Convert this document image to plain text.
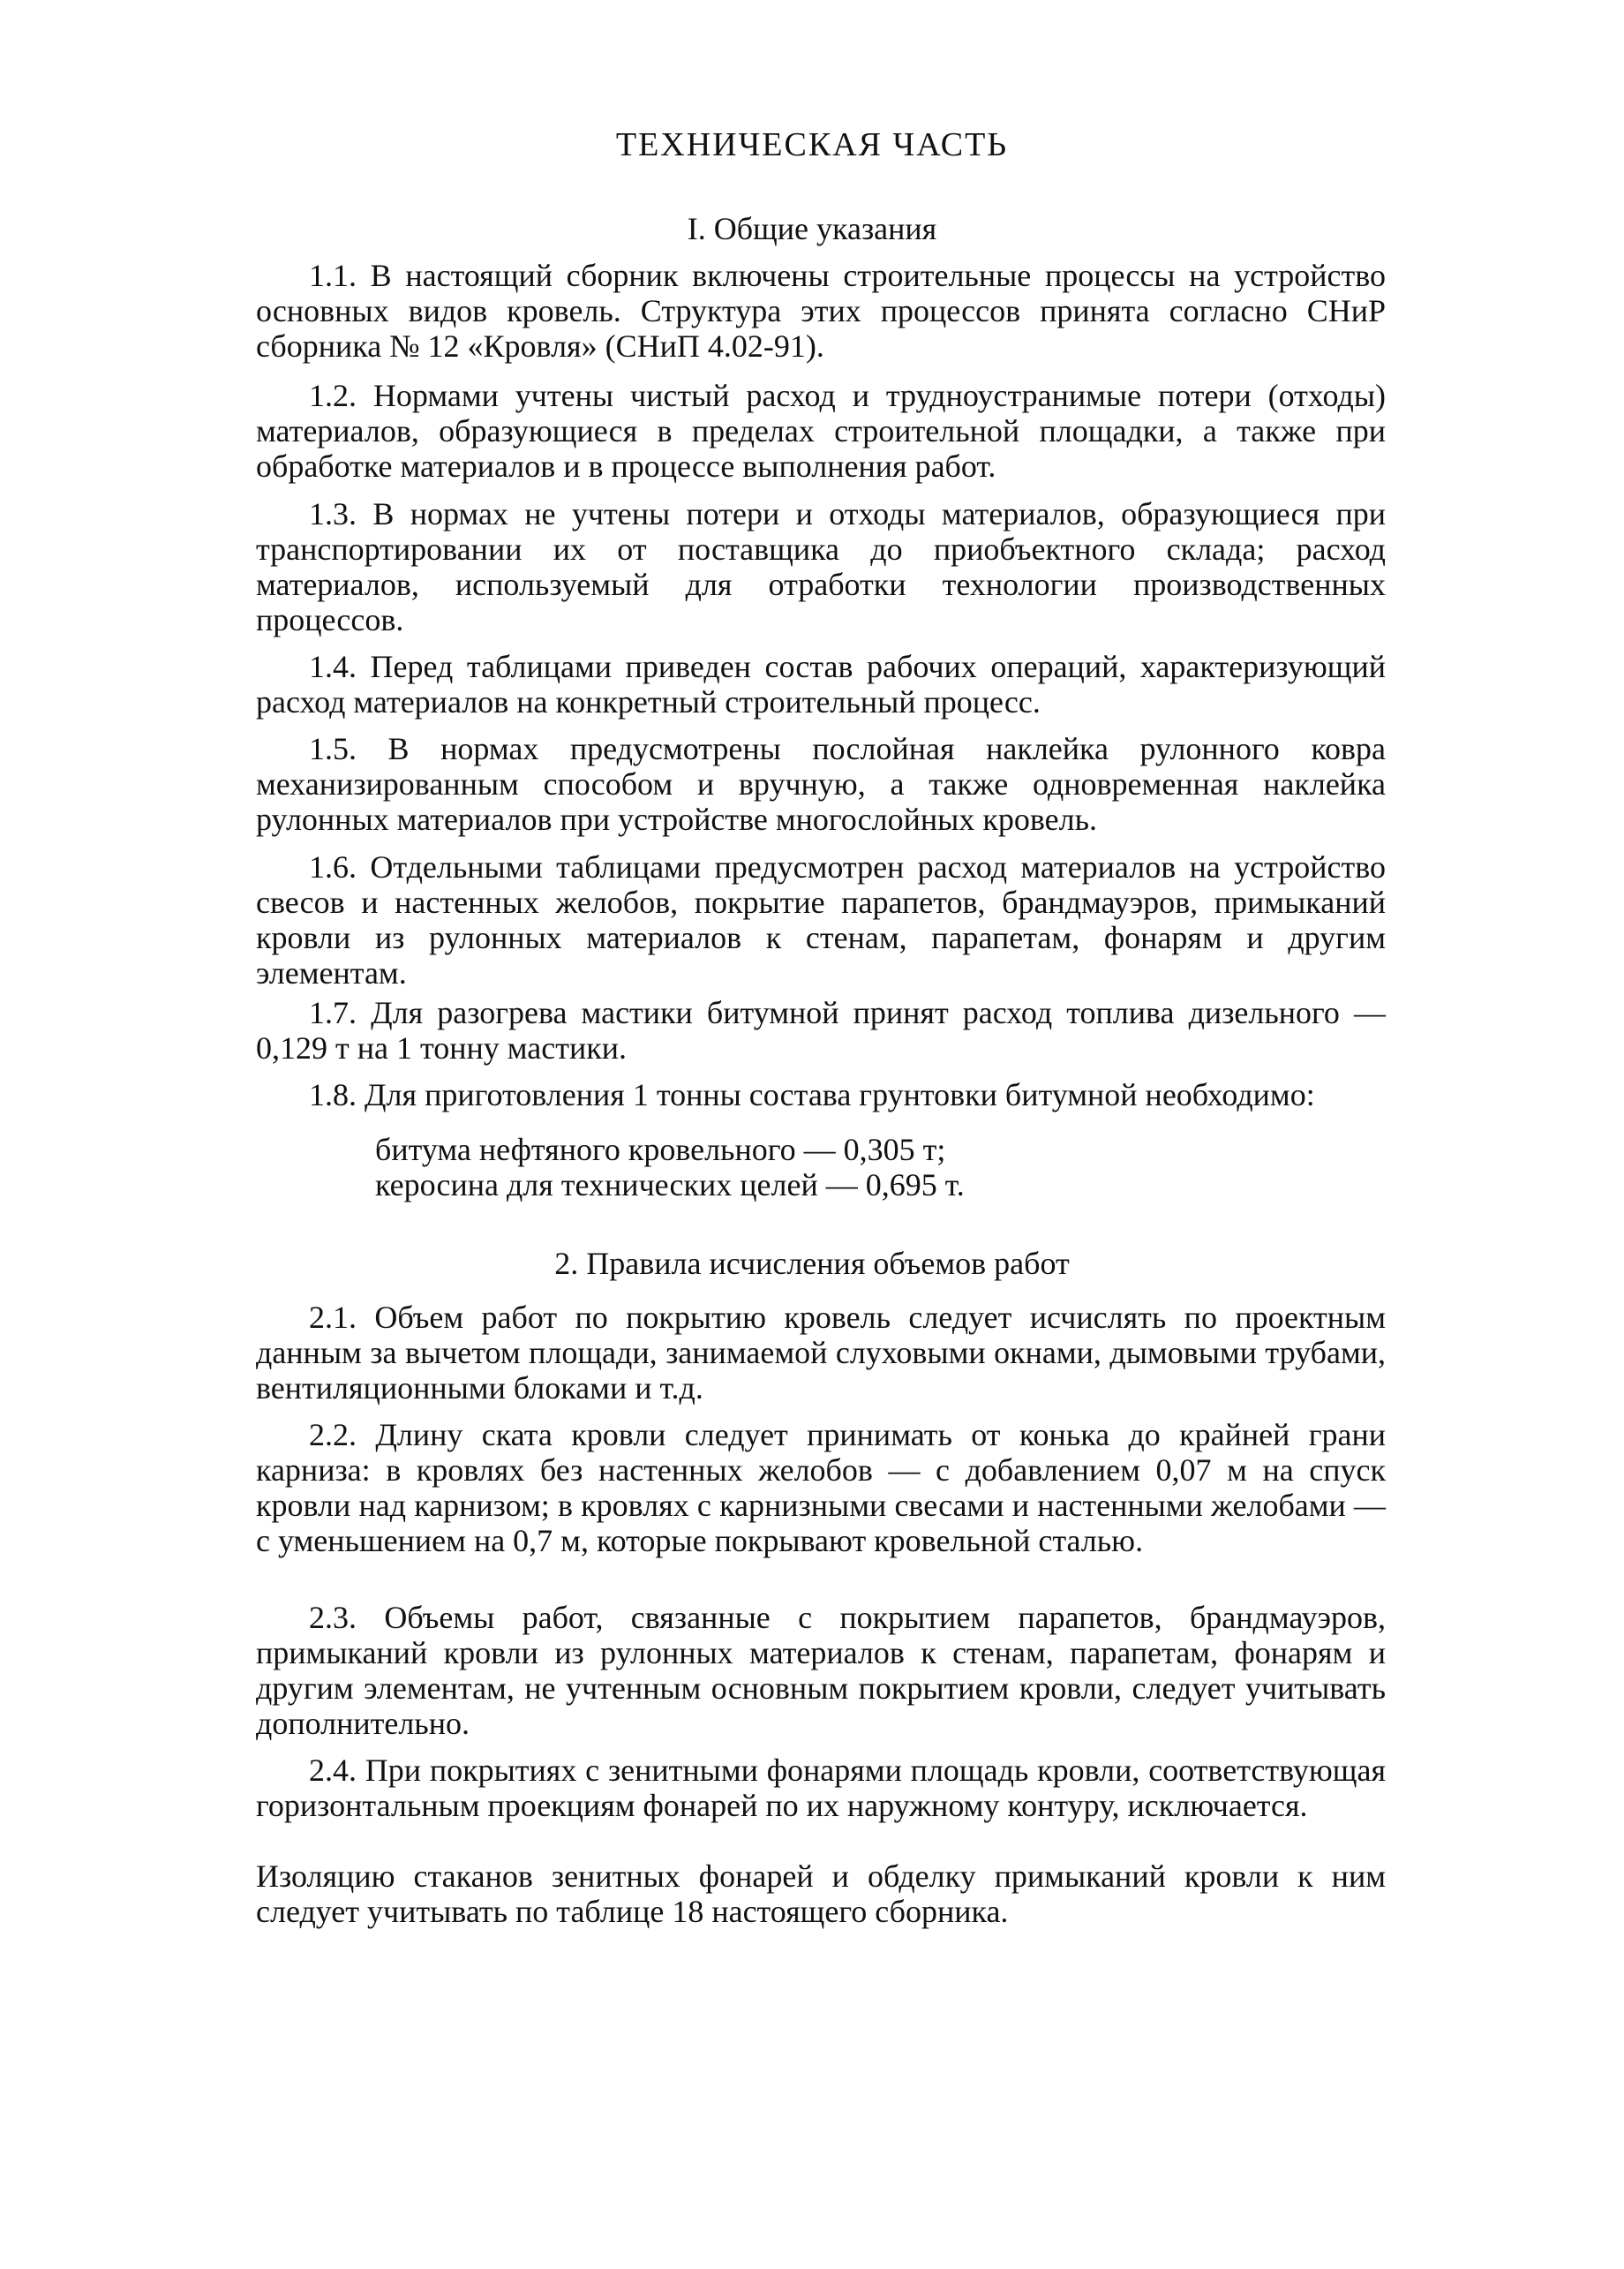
ТЕХНИЧЕСКАЯ ЧАСТЬ
I. Общие указания

1.1. В настоящий сборник включены строительные процессы на устройство основных видов кровель. Структура этих процессов принята согласно СНиР сборника № 12 «Кровля» (СНиП 4.02-91).

1.2. Нормами учтены чистый расход и трудноустранимые потери (отходы) материалов, образующиеся в пределах строительной площадки, а также при обработке материалов и в процессе выполнения работ.

1.3. В нормах не учтены потери и отходы материалов, образующиеся при транспортировании их от поставщика до приобъектного склада; расход материалов, используемый для отработки технологии производственных процессов.

1.4. Перед таблицами приведен состав рабочих операций, характеризующий расход материалов на конкретный строительный процесс.

1.5. В нормах предусмотрены послойная наклейка рулонного ковра механизированным способом и вручную, а также одновременная наклейка рулонных материалов при устройстве многослойных кровель.

1.6. Отдельными таблицами предусмотрен расход материалов на устройство свесов и настенных желобов, покрытие парапетов, брандмауэров, примыканий кровли из рулонных материалов к стенам, парапетам, фонарям и другим элементам.

1.7. Для разогрева мастики битумной принят расход топлива дизельного — 0,129 т на 1 тонну мастики.

1.8. Для приготовления 1 тонны состава грунтовки битумной необходимо:

битума нефтяного кровельного — 0,305 т;

керосина для технических целей — 0,695 т.

2. Правила исчисления объемов работ

2.1. Объем работ по покрытию кровель следует исчислять по проектным данным за вычетом площади, занимаемой слуховыми окнами, дымовыми трубами, вентиляционными блоками и т.д.

2.2. Длину ската кровли следует принимать от конька до крайней грани карниза: в кровлях без настенных желобов — с добавлением 0,07 м на спуск кровли над карнизом; в кровлях с карнизными свесами и настенными желобами — с уменьшением на 0,7 м, которые покрывают кровельной сталью.

2.3. Объемы работ, связанные с покрытием парапетов, брандмауэров, примыканий кровли из рулонных материалов к стенам, парапетам, фонарям и другим элементам, не учтенным основным покрытием кровли, следует учитывать дополнительно.

2.4. При покрытиях с зенитными фонарями площадь кровли, соответствующая горизонтальным проекциям фонарей по их наружному контуру, исключается.

Изоляцию стаканов зенитных фонарей и обделку примыканий кровли к ним следует учитывать по таблице 18 настоящего сборника.
